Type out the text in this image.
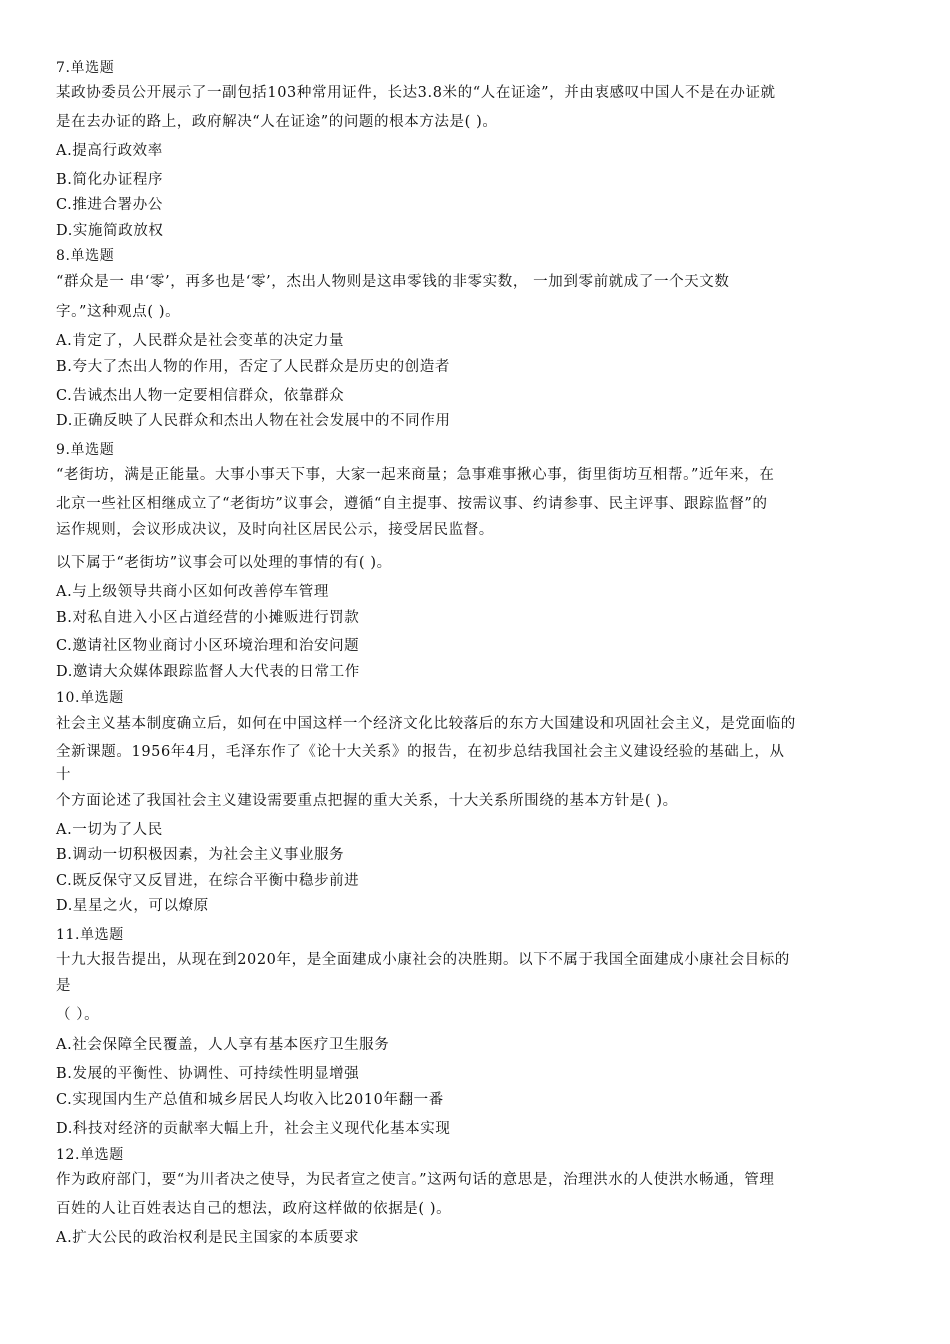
7.单选题
某政协委员公开展示了一副包括103种常用证件，长达3.8米的“人在证途”，并由衷感叹中国人不是在办证就
是在去办证的路上，政府解决“人在证途”的问题的根本方法是( )。
A.提高行政效率
B.简化办证程序
C.推进合署办公
D.实施简政放权
8.单选题
“群众是一 串‘零’，再多也是‘零’，杰出人物则是这串零钱的非零实数， 一加到零前就成了一个天文数
字。”这种观点( )。
A.肯定了，人民群众是社会变革的决定力量
B.夸大了杰出人物的作用，否定了人民群众是历史的创造者
C.告诫杰出人物一定要相信群众，依靠群众
D.正确反映了人民群众和杰出人物在社会发展中的不同作用
9.单选题
“老街坊，满是正能量。大事小事天下事，大家一起来商量；急事难事揪心事，街里街坊互相帮。”近年来，在
北京一些社区相继成立了“老街坊”议事会，遵循“自主提事、按需议事、约请参事、民主评事、跟踪监督”的
运作规则，会议形成决议，及时向社区居民公示，接受居民监督。
以下属于“老街坊”议事会可以处理的事情的有( )。
A.与上级领导共商小区如何改善停车管理
B.对私自进入小区占道经营的小摊贩进行罚款
C.邀请社区物业商讨小区环境治理和治安问题
D.邀请大众媒体跟踪监督人大代表的日常工作
10.单选题
社会主义基本制度确立后，如何在中国这样一个经济文化比较落后的东方大国建设和巩固社会主义，是党面临的
全新课题。1956年4月，毛泽东作了《论十大关系》的报告，在初步总结我国社会主义建设经验的基础上，从
十
个方面论述了我国社会主义建设需要重点把握的重大关系，十大关系所围绕的基本方针是( )。
A.一切为了人民
B.调动一切积极因素，为社会主义事业服务
C.既反保守又反冒进，在综合平衡中稳步前进
D.星星之火，可以燎原
11.单选题
十九大报告提出，从现在到2020年，是全面建成小康社会的决胜期。以下不属于我国全面建成小康社会目标的
是
（ ）。
A.社会保障全民覆盖，人人享有基本医疗卫生服务
B.发展的平衡性、协调性、可持续性明显增强
C.实现国内生产总值和城乡居民人均收入比2010年翻一番
D.科技对经济的贡献率大幅上升，社会主义现代化基本实现
12.单选题
作为政府部门，要“为川者决之使导，为民者宣之使言。”这两句话的意思是，治理洪水的人使洪水畅通，管理
百姓的人让百姓表达自己的想法，政府这样做的依据是( )。
A.扩大公民的政治权利是民主国家的本质要求
